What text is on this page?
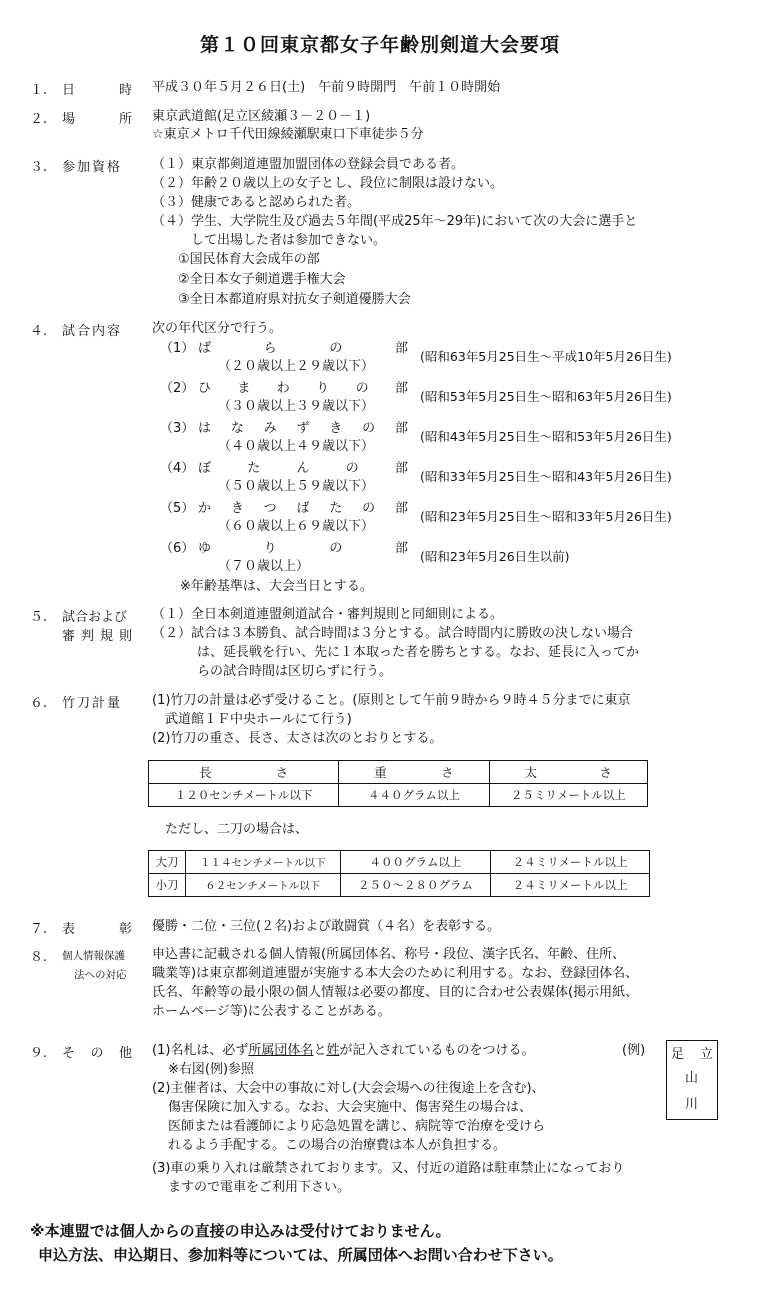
第１０回東京都女子年齢別剣道大会要項
１. 日	時 平成３０年５月２６日(土)　午前９時開門　午前１０時開始
２. 場	所 東京武道館(足立区綾瀬３－２０－１)
☆東京メトロ千代田線綾瀬駅東口下車徒歩５分
３. 参加資格 （１）東京都剣道連盟加盟団体の登録会員である者。
（２）年齢２０歳以上の女子とし、段位に制限は設けない。
（３）健康であると認められた者。
（４）学生、大学院生及び過去５年間(平成25年～29年)において次の大会に選手と
　　　して出場した者は参加できない。
①国民体育大会成年の部
②全日本女子剣道選手権大会
③全日本都道府県対抗女子剣道優勝大会
４. 試合内容 次の年代区分で行う。
（1） ば	ら	の	部
（２０歳以上２９歳以下）
(昭和63年5月25日生～平成10年5月26日生)
（2） ひ ま わ り の 部
（３０歳以上３９歳以下）
(昭和53年5月25日生～昭和63年5月26日生)
（3） は な み ず き の 部
（４０歳以上４９歳以下）
(昭和43年5月25日生～昭和53年5月26日生)
（4） ぼ	た	ん	の	部
（５０歳以上５９歳以下）
(昭和33年5月25日生～昭和43年5月26日生)
（5） か き つ ば た の 部
（６０歳以上６９歳以下）
(昭和23年5月25日生～昭和33年5月26日生)
（6） ゆ	り	の	部
（７０歳以上）
(昭和23年5月26日生以前)
※年齢基準は、大会当日とする。
５. 試合および
審 判 規 則
（１）全日本剣道連盟剣道試合・審判規則と同細則による。
（２）試合は３本勝負、試合時間は３分とする。試合時間内に勝敗の決しない場合
は、延長戦を行い、先に１本取った者を勝ちとする。なお、延長に入ってか
らの試合時間は区切らずに行う。
６. 竹刀計量 (1)竹刀の計量は必ず受けること。(原則として午前９時から９時４５分までに東京
武道館１Ｆ中央ホールにて行う)
(2)竹刀の重さ、長さ、太さは次のとおりとする。
長 さ	重 さ	太 さ

１２０センチメートル以下	４４０グラム以上	２５ミリメートル以上
ただし、二刀の場合は、
大刀	１１４センチメートル以下	４００グラム以上	２４ミリメートル以上
小刀	６２センチメートル以下	２５０～２８０グラム	２４ミリメートル以上
７. 表	彰 優勝・二位・三位(２名)および敢闘賞（４名）を表彰する。
８. 個人情報保護
法への対応
申込書に記載される個人情報(所属団体名、称号・段位、漢字氏名、年齢、住所、
職業等)は東京都剣道連盟が実施する本大会のために利用する。なお、登録団体名、
氏名、年齢等の最小限の個人情報は必要の都度、目的に合わせ公表媒体(掲示用紙、
ホームページ等)に公表することがある。
９. そ の 他 (1)名札は、必ず所属団体名と姓が記入されているものをつける。
※右図(例)参照
(2)主催者は、大会中の事故に対し(大会会場への往復途上を含む)、
傷害保険に加入する。なお、大会実施中、傷害発生の場合は、
医師または看護師により応急処置を講じ、病院等で治療を受けら
れるよう手配する。この場合の治療費は本人が負担する。
(3)車の乗り入れは厳禁されております。又、付近の道路は駐車禁止になっており
ますので電車をご利用下さい。
(例) 足 立
山
川
※本連盟では個人からの直接の申込みは受付けておりません。
申込方法、申込期日、参加料等については、所属団体へお問い合わせ下さい。
